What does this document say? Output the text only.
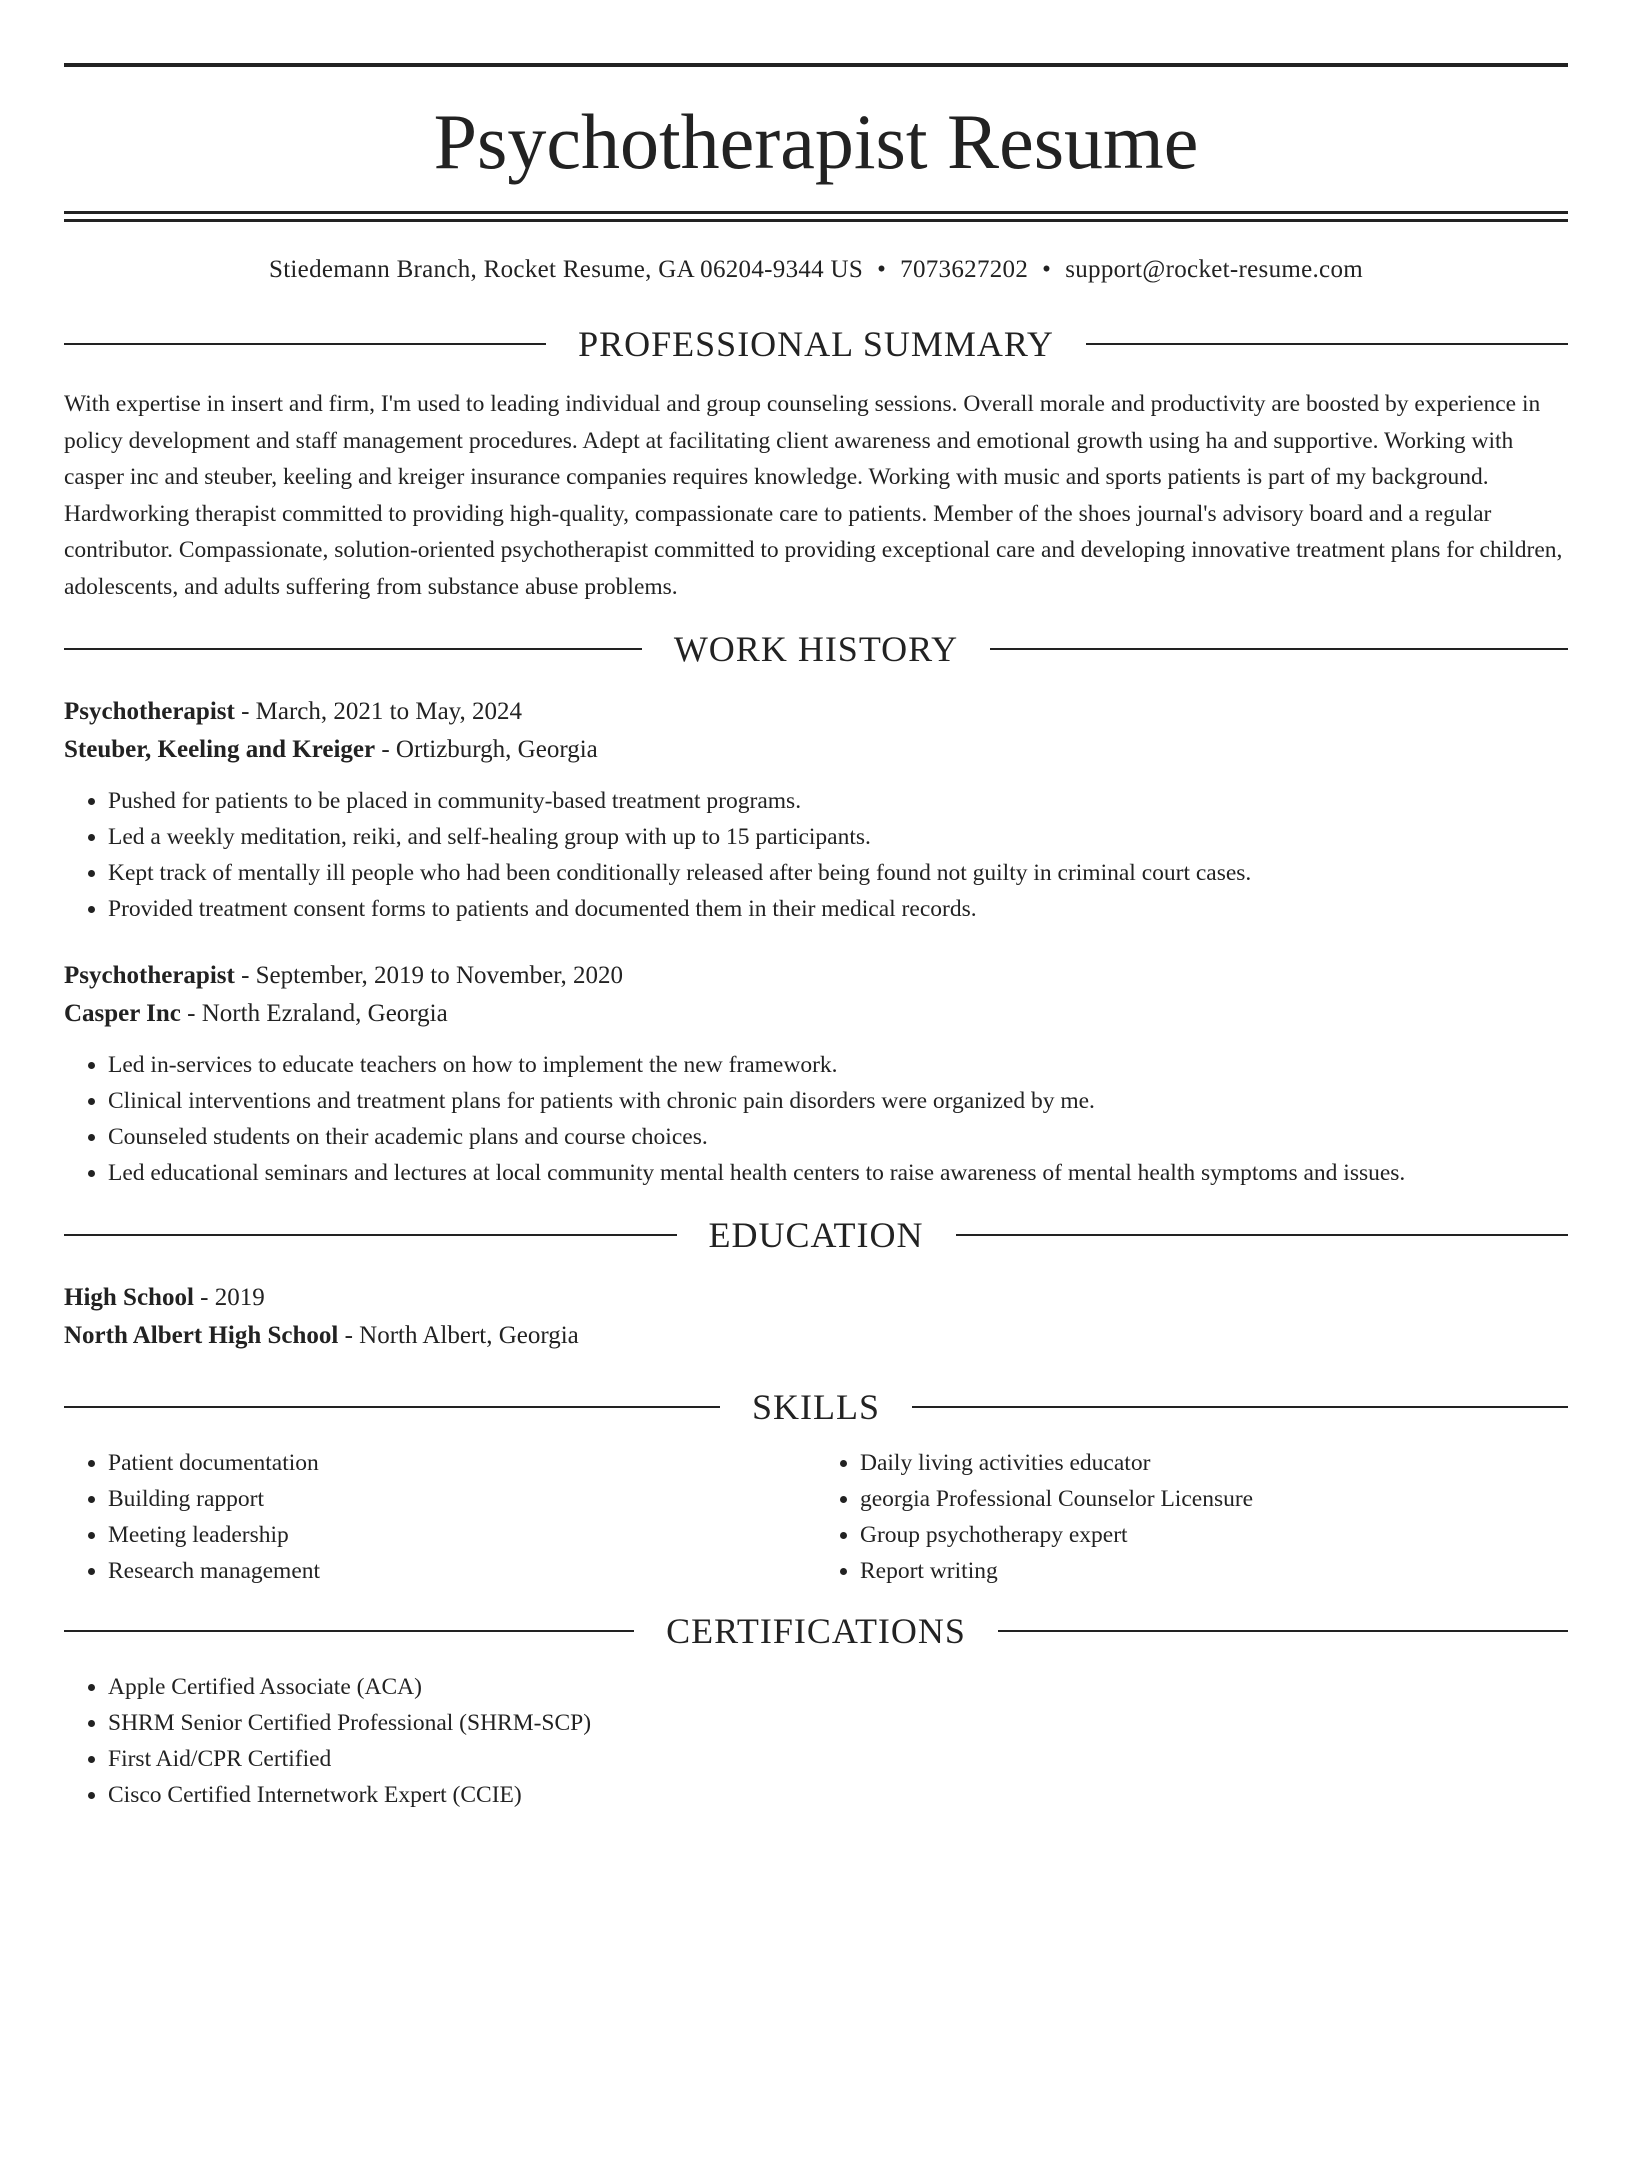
Psychotherapist Resume
Stiedemann Branch, Rocket Resume, GA 06204-9344 US • 7073627202 • support@rocket-resume.com
PROFESSIONAL SUMMARY

With expertise in insert and firm, I'm used to leading individual and group counseling sessions. Overall morale and productivity are boosted by experience in policy development and staff management procedures. Adept at facilitating client awareness and emotional growth using ha and supportive. Working with casper inc and steuber, keeling and kreiger insurance companies requires knowledge. Working with music and sports patients is part of my background. Hardworking therapist committed to providing high-quality, compassionate care to patients. Member of the shoes journal's advisory board and a regular contributor. Compassionate, solution-oriented psychotherapist committed to providing exceptional care and developing innovative treatment plans for children, adolescents, and adults suffering from substance abuse problems.

WORK HISTORY
Psychotherapist - March, 2021 to May, 2024
Steuber, Keeling and Kreiger - Ortizburgh, Georgia
• Pushed for patients to be placed in community-based treatment programs.
• Led a weekly meditation, reiki, and self-healing group with up to 15 participants.
• Kept track of mentally ill people who had been conditionally released after being found not guilty in criminal court cases.
• Provided treatment consent forms to patients and documented them in their medical records.
Psychotherapist - September, 2019 to November, 2020
Casper Inc - North Ezraland, Georgia
• Led in-services to educate teachers on how to implement the new framework.
• Clinical interventions and treatment plans for patients with chronic pain disorders were organized by me.
• Counseled students on their academic plans and course choices.
• Led educational seminars and lectures at local community mental health centers to raise awareness of mental health symptoms and issues.
EDUCATION
High School - 2019
North Albert High School - North Albert, Georgia
SKILLS
• Patient documentation
• Building rapport
• Meeting leadership
• Research management
• Daily living activities educator
• georgia Professional Counselor Licensure
• Group psychotherapy expert
• Report writing
CERTIFICATIONS
• Apple Certified Associate (ACA)
• SHRM Senior Certified Professional (SHRM-SCP)
• First Aid/CPR Certified
• Cisco Certified Internetwork Expert (CCIE)
